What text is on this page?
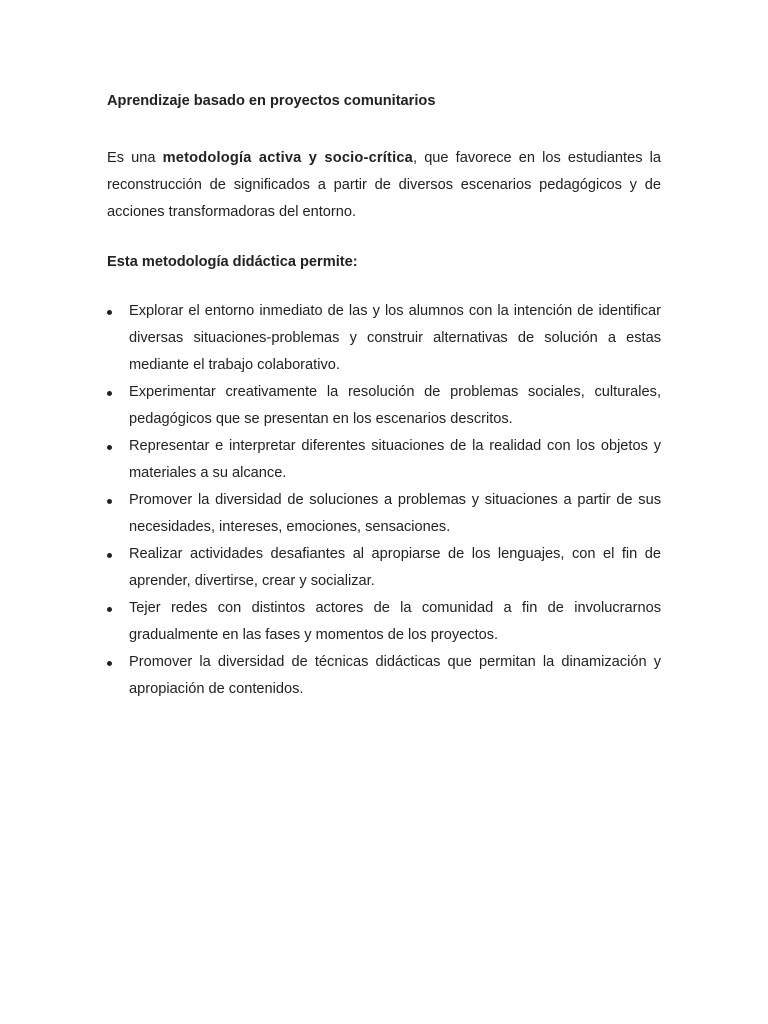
Aprendizaje basado en proyectos comunitarios

Es una metodología activa y socio-crítica, que favorece en los estudiantes la reconstrucción de significados a partir de diversos escenarios pedagógicos y de acciones transformadoras del entorno.

Esta metodología didáctica permite:

Explorar el entorno inmediato de las y los alumnos con la intención de identificar diversas situaciones-problemas y construir alternativas de solución a estas mediante el trabajo colaborativo.
Experimentar creativamente la resolución de problemas sociales, culturales, pedagógicos que se presentan en los escenarios descritos.
Representar e interpretar diferentes situaciones de la realidad con los objetos y materiales a su alcance.
Promover la diversidad de soluciones a problemas y situaciones a partir de sus necesidades, intereses, emociones, sensaciones.
Realizar actividades desafiantes al apropiarse de los lenguajes, con el fin de aprender, divertirse, crear y socializar.
Tejer redes con distintos actores de la comunidad a fin de involucrarnos gradualmente en las fases y momentos de los proyectos.
Promover la diversidad de técnicas didácticas que permitan la dinamización y apropiación de contenidos.
